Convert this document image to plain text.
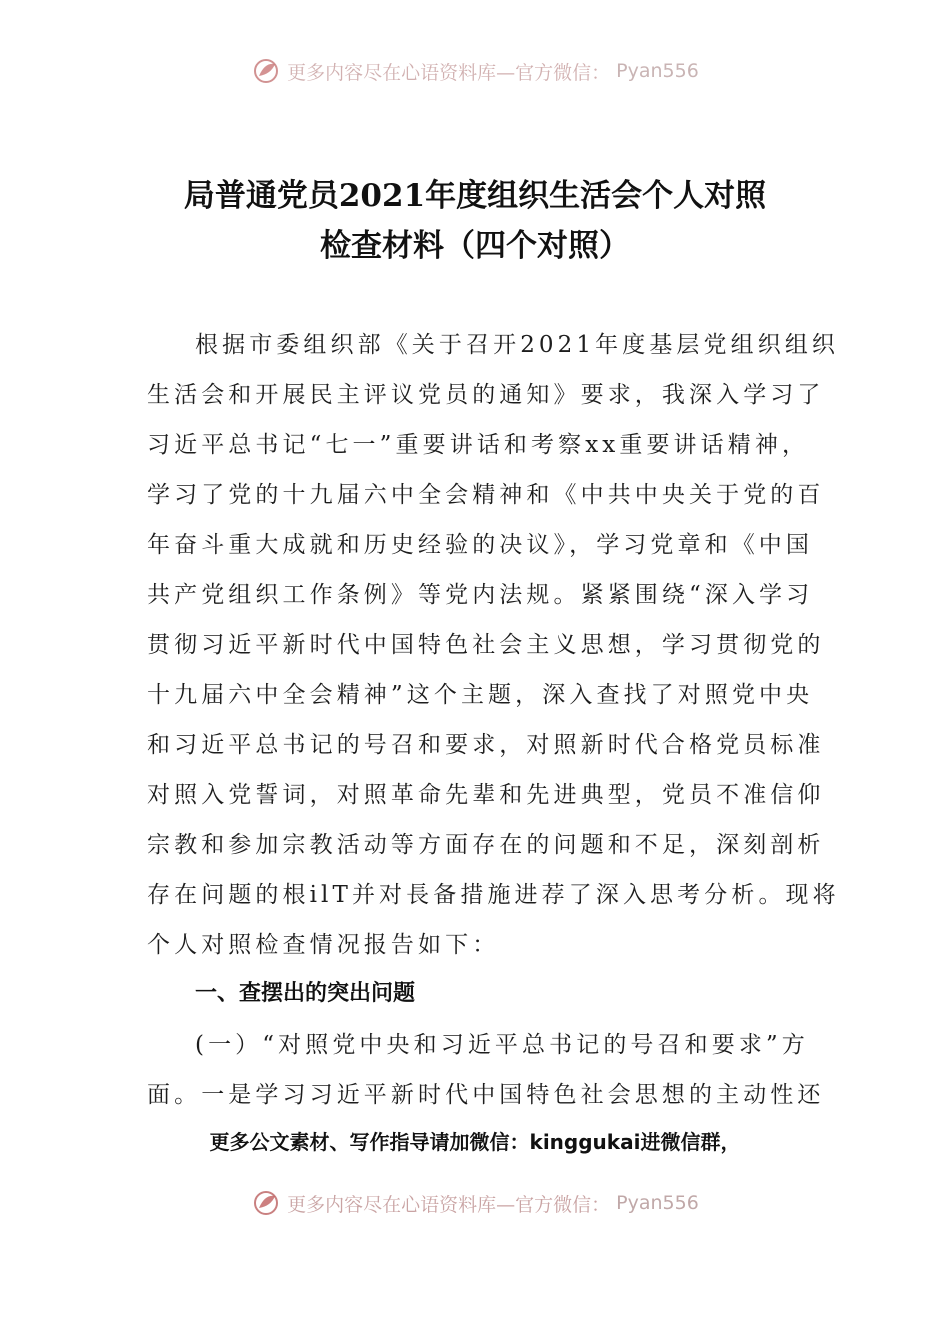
更多内容尽在心语资料库—官方微信： Pyan556
局普通党员2021年度组织生活会个人对照
检查材料（四个对照）
根据市委组织部《关于召开2021年度基层党组织组织
生活会和开展民主评议党员的通知》要求，我深入学习了
习近平总书记“七一”重要讲话和考察xx重要讲话精神，
学习了党的十九届六中全会精神和《中共中央关于党的百
年奋斗重大成就和历史经验的决议》，学习党章和《中国
共产党组织工作条例》等党内法规。紧紧围绕“深入学习
贯彻习近平新时代中国特色社会主义思想，学习贯彻党的
十九届六中全会精神”这个主题，深入查找了对照党中央
和习近平总书记的号召和要求，对照新时代合格党员标准
对照入党誓词，对照革命先辈和先进典型，党员不准信仰
宗教和参加宗教活动等方面存在的问题和不足，深刻剖析
存在问题的根ilT并对長备措施进荐了深入思考分析。现将
个人对照检查情况报告如下：
一、查摆出的突出问题
(一）“对照党中央和习近平总书记的号召和要求”方
面。一是学习习近平新时代中国特色社会思想的主动性还
更多公文素材、写作指导请加微信：kinggukai进微信群，
更多内容尽在心语资料库—官方微信： Pyan556
